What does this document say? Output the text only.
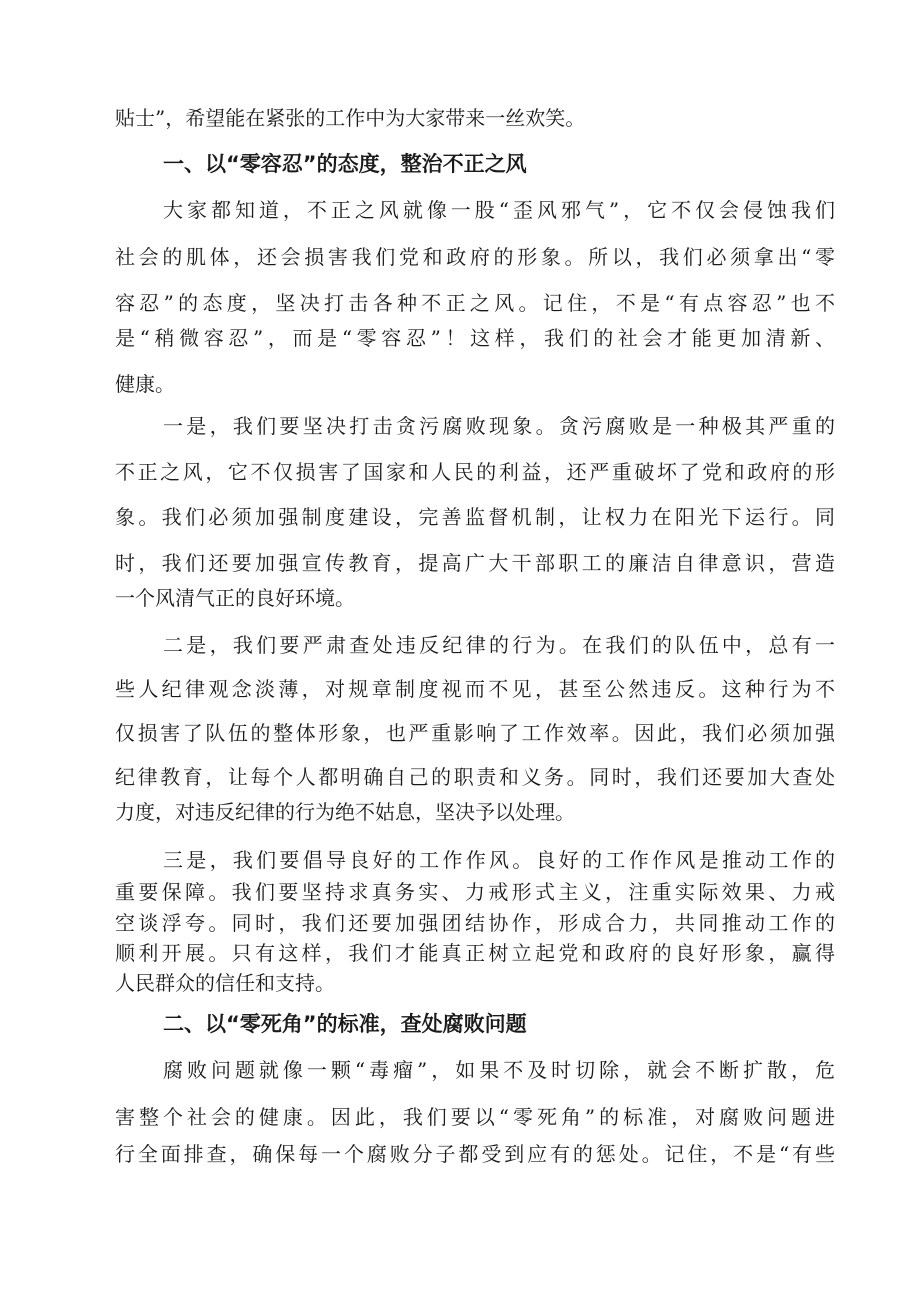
贴士”，希望能在紧张的工作中为大家带来一丝欢笑。
一、以“零容忍”的态度，整治不正之风
大家都知道，不正之风就像一股“歪风邪气”，它不仅会侵蚀我们
社会的肌体，还会损害我们党和政府的形象。所以，我们必须拿出“零
容忍”的态度，坚决打击各种不正之风。记住，不是“有点容忍”也不
是“稍微容忍”，而是“零容忍”！这样，我们的社会才能更加清新、
健康。
一是，我们要坚决打击贪污腐败现象。贪污腐败是一种极其严重的
不正之风，它不仅损害了国家和人民的利益，还严重破坏了党和政府的形
象。我们必须加强制度建设，完善监督机制，让权力在阳光下运行。同
时，我们还要加强宣传教育，提高广大干部职工的廉洁自律意识，营造
一个风清气正的良好环境。
二是，我们要严肃查处违反纪律的行为。在我们的队伍中，总有一
些人纪律观念淡薄，对规章制度视而不见，甚至公然违反。这种行为不
仅损害了队伍的整体形象，也严重影响了工作效率。因此，我们必须加强
纪律教育，让每个人都明确自己的职责和义务。同时，我们还要加大查处
力度，对违反纪律的行为绝不姑息，坚决予以处理。
三是，我们要倡导良好的工作作风。良好的工作作风是推动工作的
重要保障。我们要坚持求真务实、力戒形式主义，注重实际效果、力戒
空谈浮夸。同时，我们还要加强团结协作，形成合力，共同推动工作的
顺利开展。只有这样，我们才能真正树立起党和政府的良好形象，赢得
人民群众的信任和支持。
二、以“零死角”的标准，查处腐败问题
腐败问题就像一颗“毒瘤”，如果不及时切除，就会不断扩散，危
害整个社会的健康。因此，我们要以“零死角”的标准，对腐败问题进
行全面排查，确保每一个腐败分子都受到应有的惩处。记住，不是“有些
